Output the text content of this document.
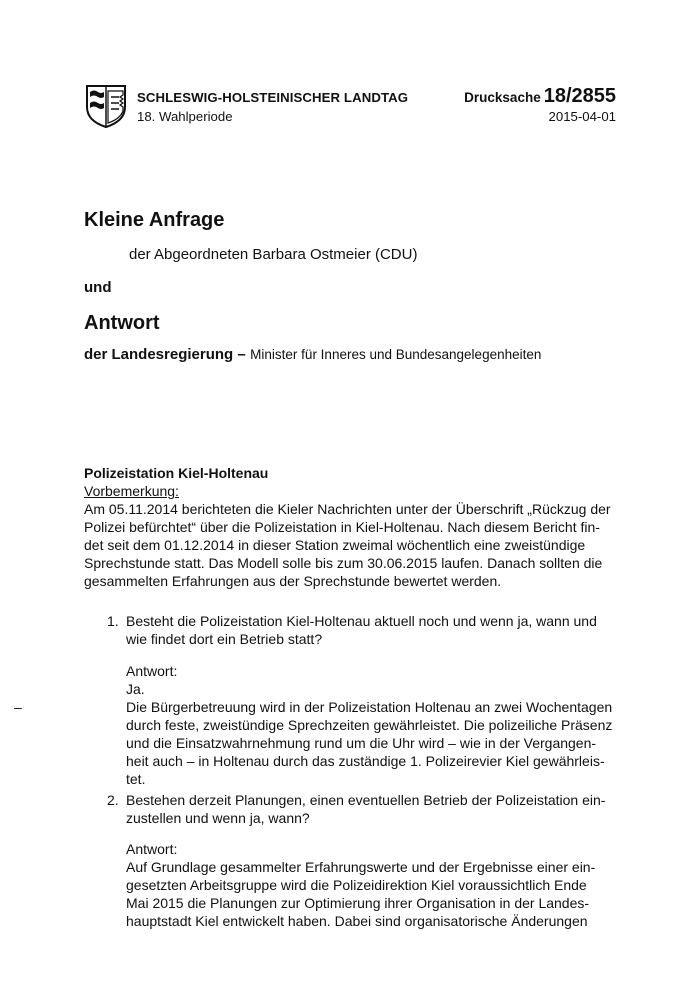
SCHLESWIG-HOLSTEINISCHER LANDTAG
18. Wahlperiode
Drucksache 18/2855
2015-04-01
Kleine Anfrage
der Abgeordneten Barbara Ostmeier (CDU)
und
Antwort
der Landesregierung – Minister für Inneres und Bundesangelegenheiten
Polizeistation Kiel-Holtenau
Vorbemerkung:
Am 05.11.2014 berichteten die Kieler Nachrichten unter der Überschrift „Rückzug der
Polizei befürchtet“ über die Polizeistation in Kiel-Holtenau. Nach diesem Bericht fin-
det seit dem 01.12.2014 in dieser Station zweimal wöchentlich eine zweistündige
Sprechstunde statt. Das Modell solle bis zum 30.06.2015 laufen. Danach sollten die
gesammelten Erfahrungen aus der Sprechstunde bewertet werden.
1. Besteht die Polizeistation Kiel-Holtenau aktuell noch und wenn ja, wann und
wie findet dort ein Betrieb statt?
Antwort:
Ja.
Die Bürgerbetreuung wird in der Polizeistation Holtenau an zwei Wochentagen
durch feste, zweistündige Sprechzeiten gewährleistet. Die polizeiliche Präsenz
und die Einsatzwahrnehmung rund um die Uhr wird – wie in der Vergangen-
heit auch – in Holtenau durch das zuständige 1. Polizeirevier Kiel gewährleis-
tet.
–
2. Bestehen derzeit Planungen, einen eventuellen Betrieb der Polizeistation ein-
zustellen und wenn ja, wann?
Antwort:
Auf Grundlage gesammelter Erfahrungswerte und der Ergebnisse einer ein-
gesetzten Arbeitsgruppe wird die Polizeidirektion Kiel voraussichtlich Ende
Mai 2015 die Planungen zur Optimierung ihrer Organisation in der Landes-
hauptstadt Kiel entwickelt haben. Dabei sind organisatorische Änderungen
